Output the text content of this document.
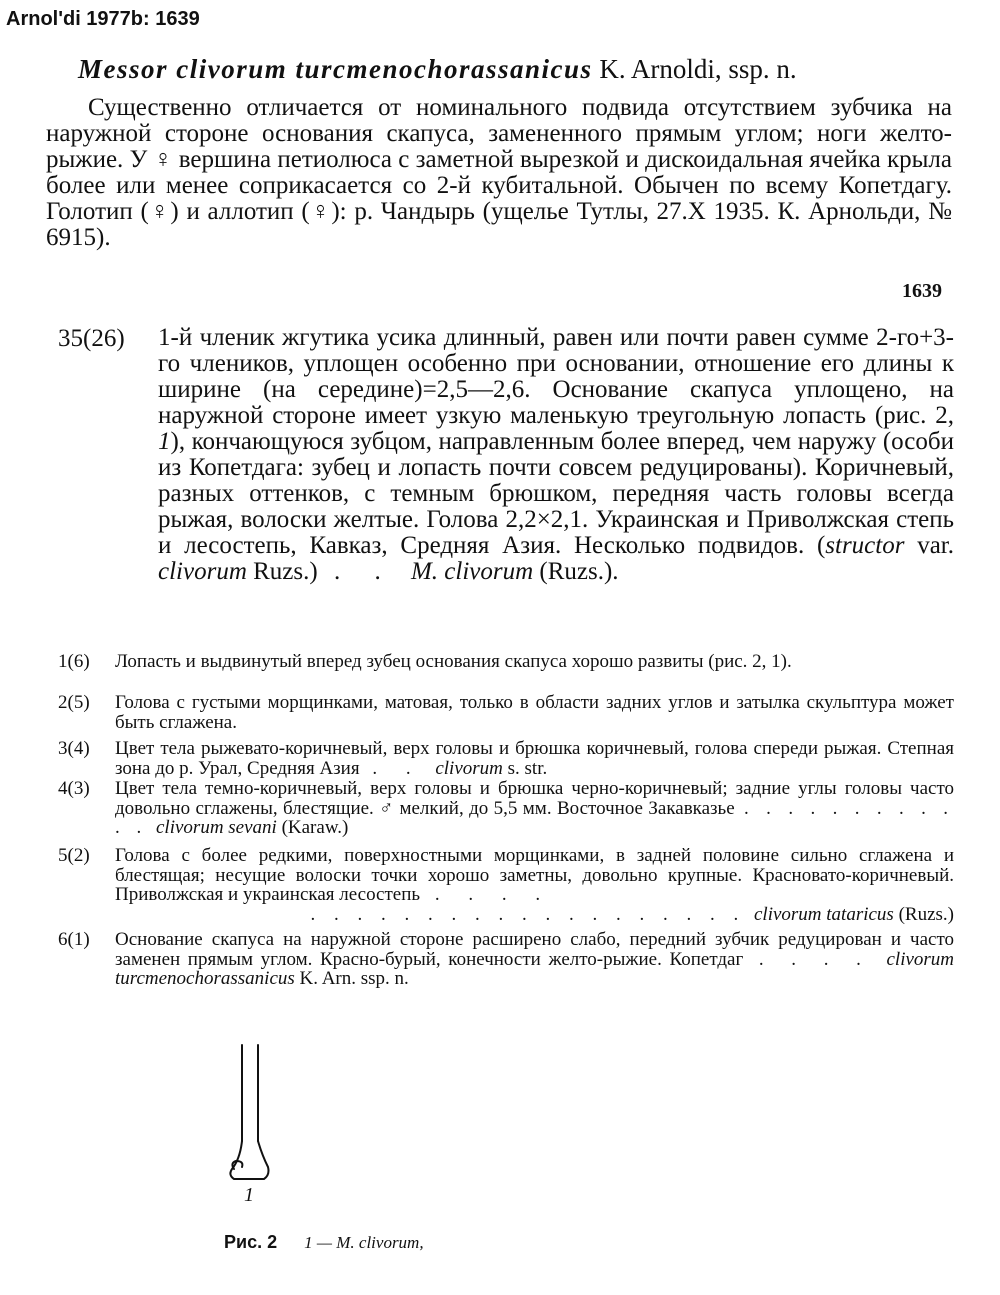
Arnol'di 1977b: 1639
Messor clivorum turcmenochorassanicus K. Arnoldi, ssp. n.

Существенно отличается от номинального подвида отсутствием зубчика на наружной стороне основания скапуса, замененного прямым углом; ноги желто-рыжие. У ♀ вершина петиолюса с заметной вырезкой и дискоидальная ячейка крыла более или менее соприкасается со 2-й кубитальной. Обычен по всему Копетдагу. Голотип (♀) и аллотип (♀): р. Чандырь (ущелье Тутлы, 27.X 1935. К. Арнольди, № 6915).

1639
35(26) 1-й членик жгутика усика длинный, равен или почти равен сумме 2-го+3-го члеников, уплощен особенно при основании, отношение его длины к ширине (на середине)=2,5—2,6. Основание скапуса уплощено, на наружной стороне имеет узкую маленькую треугольную лопасть (рис. 2, 1), кончающуюся зубцом, направленным более вперед, чем наружу (особи из Копетдага: зубец и лопасть почти совсем редуцированы). Коричневый, разных оттенков, с темным брюшком, передняя часть головы всегда рыжая, волоски желтые. Голова 2,2×2,1. Украинская и Приволжская степь и лесостепь, Кавказ, Средняя Азия. Несколько подвидов. (structor var. clivorum Ruzs.) . . M. clivorum (Ruzs.).

1(6)	Лопасть и выдвинутый вперед зубец основания скапуса хорошо развиты (рис. 2, 1).

2(5)	Голова с густыми морщинками, матовая, только в области задних углов и затылка скульптура может быть сглажена.

3(4)	Цвет тела рыжевато-коричневый, верх головы и брюшка коричневый, голова спереди рыжая. Степная зона до р. Урал, Средняя Азия . . clivorum s. str.

4(3)	Цвет тела темно-коричневый, верх головы и брюшка черно-коричневый; задние углы головы часто довольно сглажены, блестящие. ♂ мелкий, до 5,5 мм. Восточное Закавказье . . . . . . . . . . . . clivorum sevani (Karaw.)

5(2)	Голова с более редкими, поверхностными морщинками, в задней половине сильно сглажена и блестящая; несущие волоски точки хорошо заметны, довольно крупные. Красновато-коричневый. Приволжская и украинская лесостепь . . . .

. . . . . . . . . . . . . . . . . . . clivorum tataricus (Ruzs.)

6(1)	Основание скапуса на наружной стороне расширено слабо, передний зубчик редуцирован и часто заменен прямым углом. Красно-бурый, конечности желто-рыжие. Копетдаг . . . . clivorum turcmenochorassanicus K. Arn. ssp. n.

1
Рис. 2 1 — M. clivorum,
